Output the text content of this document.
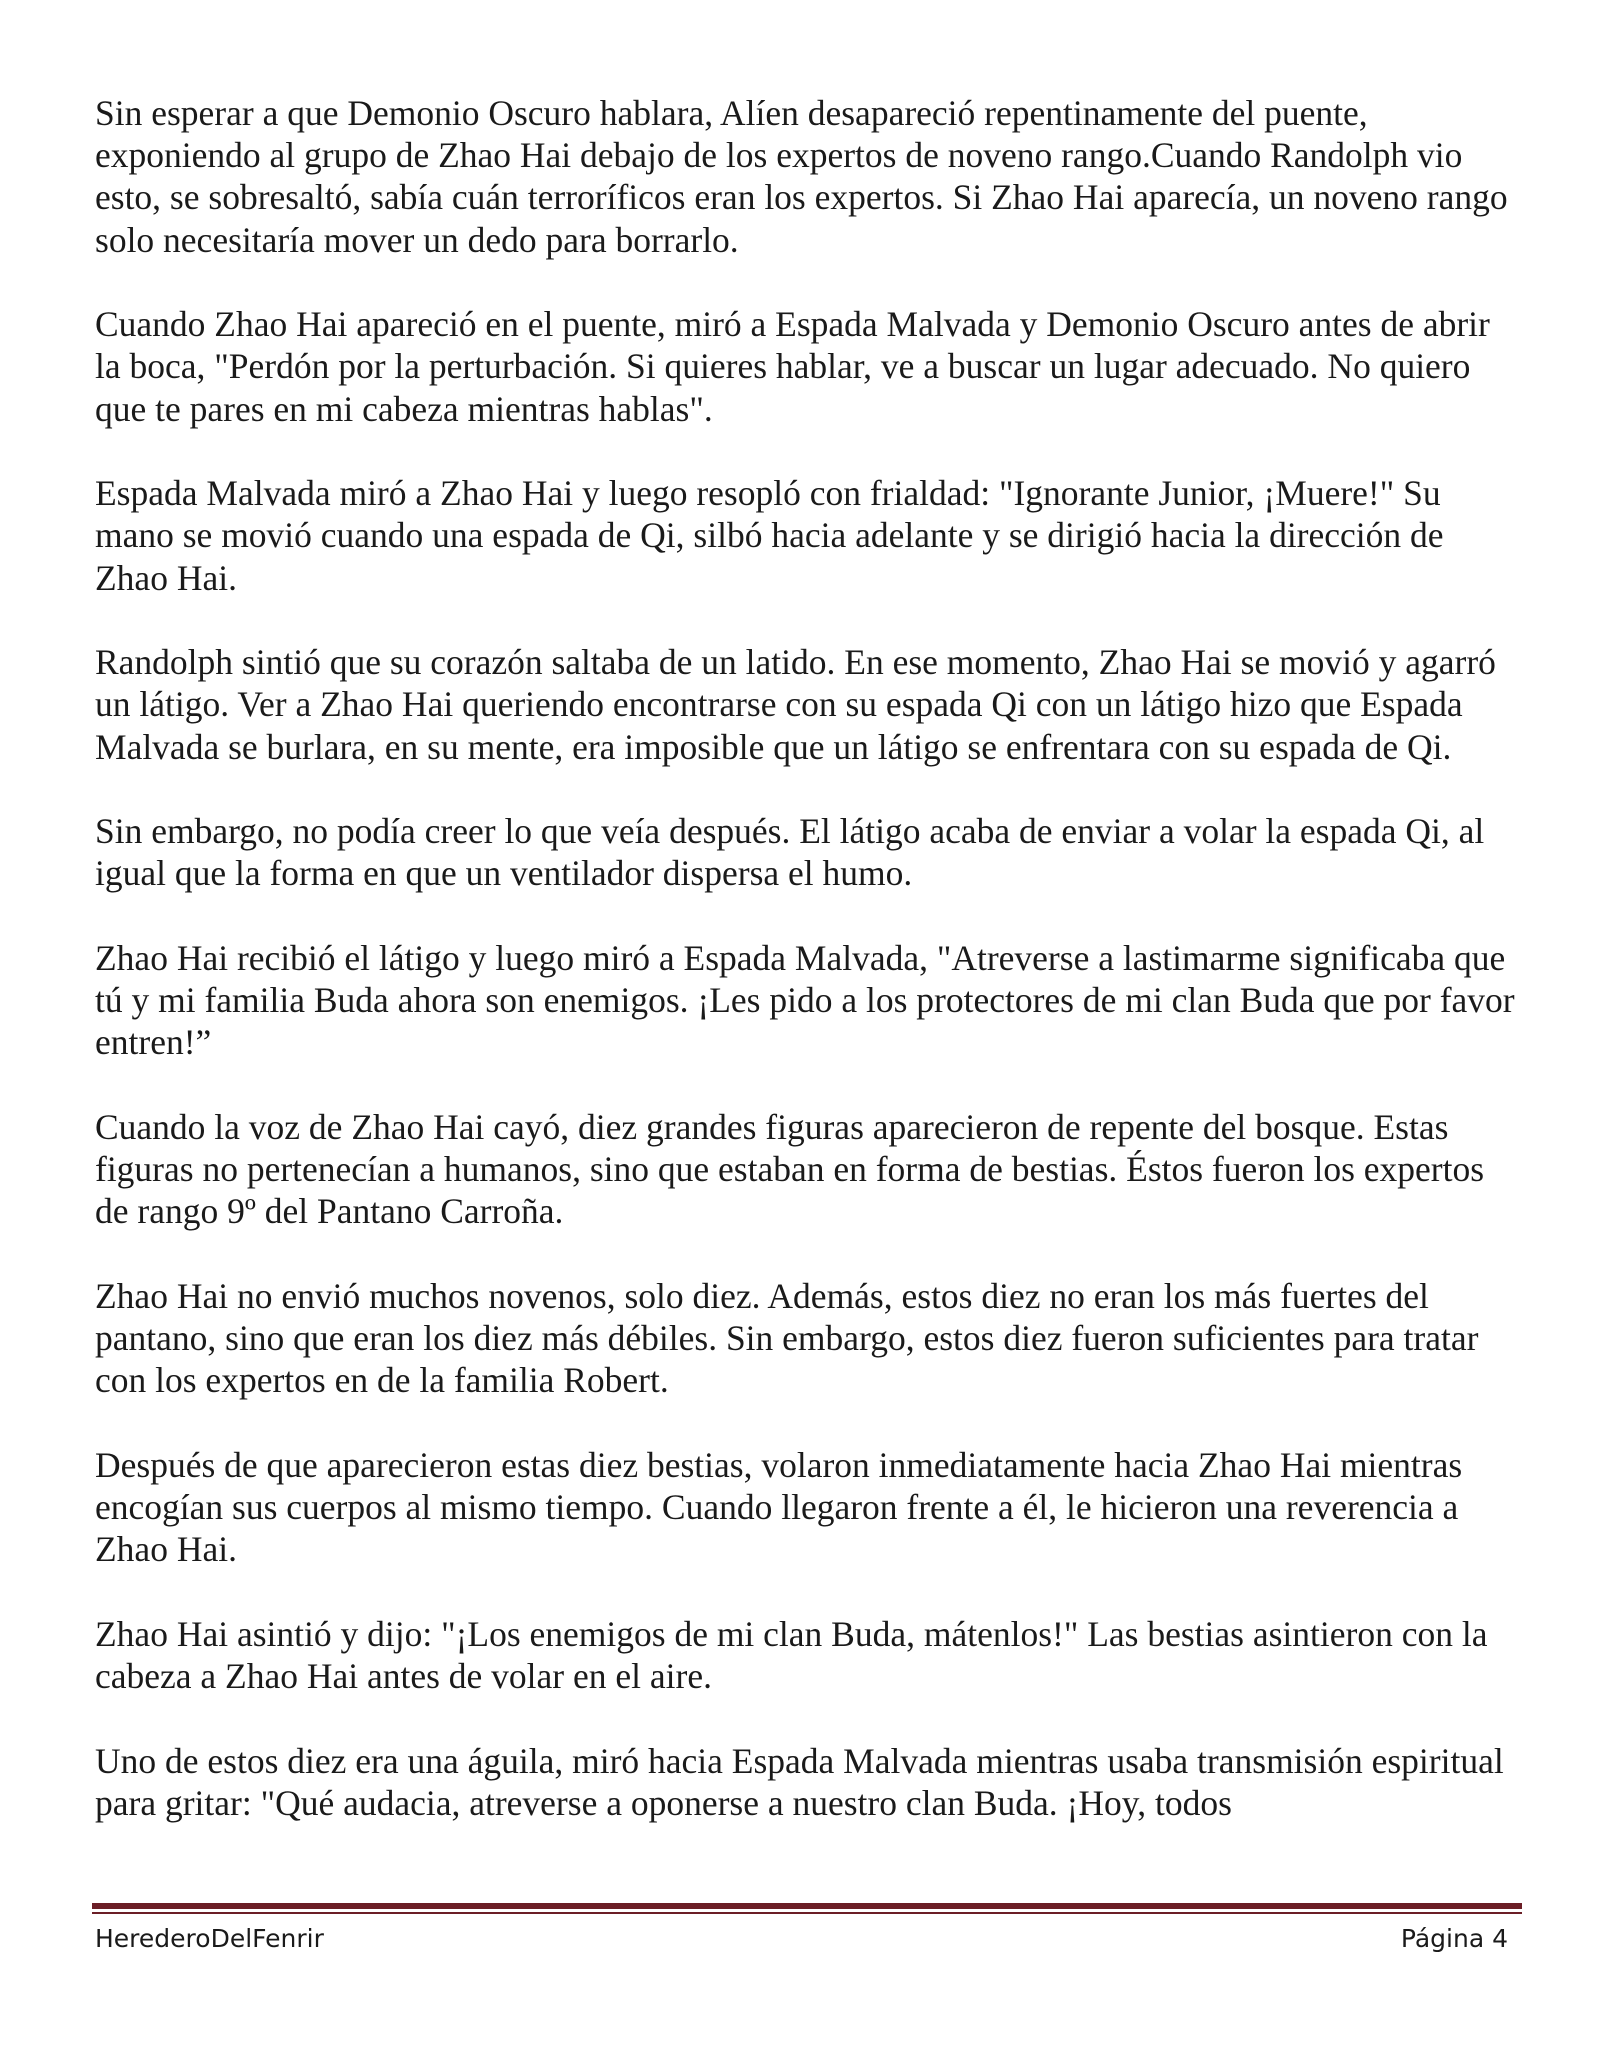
Sin esperar a que Demonio Oscuro hablara, Alíen desapareció repentinamente del puente, exponiendo al grupo de Zhao Hai debajo de los expertos de noveno rango.Cuando Randolph vio esto, se sobresaltó, sabía cuán terroríficos eran los expertos. Si Zhao Hai aparecía, un noveno rango solo necesitaría mover un dedo para borrarlo.

Cuando Zhao Hai apareció en el puente, miró a Espada Malvada y Demonio Oscuro antes de abrir la boca, "Perdón por la perturbación. Si quieres hablar, ve a buscar un lugar adecuado. No quiero que te pares en mi cabeza mientras hablas".

Espada Malvada miró a Zhao Hai y luego resopló con frialdad: "Ignorante Junior, ¡Muere!" Su mano se movió cuando una espada de Qi, silbó hacia adelante y se dirigió hacia la dirección de Zhao Hai.

Randolph sintió que su corazón saltaba de un latido. En ese momento, Zhao Hai se movió y agarró un látigo. Ver a Zhao Hai queriendo encontrarse con su espada Qi con un látigo hizo que Espada Malvada se burlara, en su mente, era imposible que un látigo se enfrentara con su espada de Qi.

Sin embargo, no podía creer lo que veía después. El látigo acaba de enviar a volar la espada Qi, al igual que la forma en que un ventilador dispersa el humo.

Zhao Hai recibió el látigo y luego miró a Espada Malvada, "Atreverse a lastimarme significaba que tú y mi familia Buda ahora son enemigos. ¡Les pido a los protectores de mi clan Buda que por favor entren!”

Cuando la voz de Zhao Hai cayó, diez grandes figuras aparecieron de repente del bosque. Estas figuras no pertenecían a humanos, sino que estaban en forma de bestias. Éstos fueron los expertos de rango 9º del Pantano Carroña.

Zhao Hai no envió muchos novenos, solo diez. Además, estos diez no eran los más fuertes del pantano, sino que eran los diez más débiles. Sin embargo, estos diez fueron suficientes para tratar con los expertos en de la familia Robert.

Después de que aparecieron estas diez bestias, volaron inmediatamente hacia Zhao Hai mientras encogían sus cuerpos al mismo tiempo. Cuando llegaron frente a él, le hicieron una reverencia a Zhao Hai.

Zhao Hai asintió y dijo: "¡Los enemigos de mi clan Buda, mátenlos!" Las bestias asintieron con la cabeza a Zhao Hai antes de volar en el aire.

Uno de estos diez era una águila, miró hacia Espada Malvada mientras usaba transmisión espiritual para gritar: "Qué audacia, atreverse a oponerse a nuestro clan Buda. ¡Hoy, todos

HerederoDelFenrir	Página 4
